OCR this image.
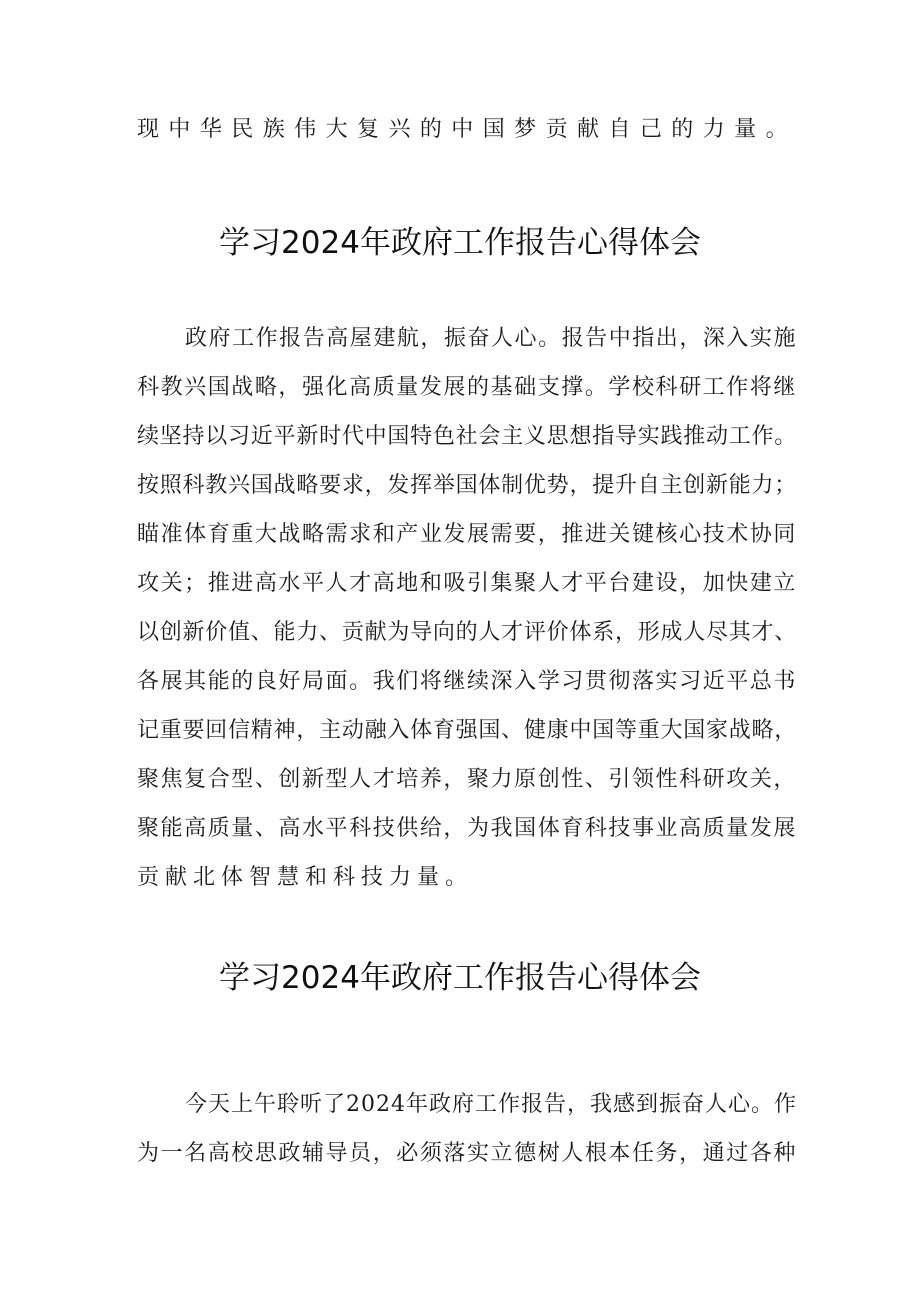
现中华民族伟大复兴的中国梦贡献自己的力量。
学习2024年政府工作报告心得体会
政府工作报告高屋建航，振奋人心。报告中指出，深入实施
科教兴国战略，强化高质量发展的基础支撑。学校科研工作将继
续坚持以习近平新时代中国特色社会主义思想指导实践推动工作。
按照科教兴国战略要求，发挥举国体制优势，提升自主创新能力；
瞄准体育重大战略需求和产业发展需要，推进关键核心技术协同
攻关；推进高水平人才高地和吸引集聚人才平台建设，加快建立
以创新价值、能力、贡献为导向的人才评价体系，形成人尽其才、
各展其能的良好局面。我们将继续深入学习贯彻落实习近平总书
记重要回信精神，主动融入体育强国、健康中国等重大国家战略，
聚焦复合型、创新型人才培养，聚力原创性、引领性科研攻关，
聚能高质量、高水平科技供给，为我国体育科技事业高质量发展
贡献北体智慧和科技力量。
学习2024年政府工作报告心得体会
今天上午聆听了2024年政府工作报告，我感到振奋人心。作
为一名高校思政辅导员，必须落实立德树人根本任务，通过各种
